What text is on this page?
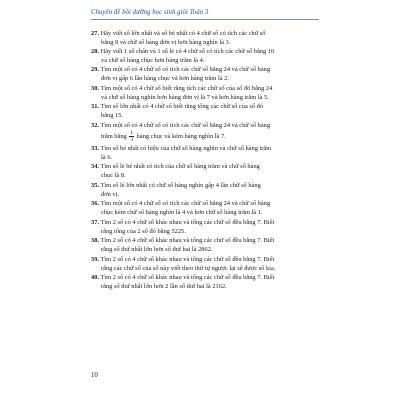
Chuyên đề bồi dưỡng học sinh giỏi Toán 3
27. Hãy viết số lớn nhất và số bé nhất có 4 chữ số có tích các chữ số
bằng 8 và chữ số hàng đơn vị hơn hàng nghìn là 3.
28. Hãy viết 1 số chẵn và 1 số lẻ có 4 chữ số có tích các chữ số bằng 10
và chữ số hàng chục hơn hàng trăm là 4.
29. Tìm một số có 4 chữ số có tích các chữ số bằng 24 và chữ số hàng
đơn vị gấp 6 lần hàng chục và hơn hàng trăm là 2.
30. Tìm một số có 4 chữ số biết rằng tích các chữ số của số đó bằng 24
và chữ số hàng nghìn hơn hàng đơn vị là 7 và hơn hàng trăm là 5.
31. Tìm số lớn nhất có 4 chữ số biết rằng tổng các chữ số của số đó
bằng 15.
32. Tìm một số có 4 chữ số có tích các chữ số bằng 24 và chữ số hàng
trăm bằng $\frac{1}{3}$ hàng chục và kém hàng nghìn là 7.
33. Tìm số bé nhất có hiệu của chữ số hàng nghìn và chữ số hàng trăm
là 6.
34. Tìm số lẻ bé nhất có tích của chữ số hàng trăm và chữ số hàng
chục là 8.
35. Tìm số lẻ lớn nhất có chữ số hàng nghìn gấp 4 lần chữ số hàng
đơn vị.
36. Tìm một số có 4 chữ số có tích các chữ số bằng 24 và chữ số hàng
chục kém chữ số hàng nghìn là 4 và hơn chữ số hàng trăm là 1.
37. Tìm 2 số có 4 chữ số khác nhau và tổng các chữ số đều bằng 7. Biết
rằng tổng của 2 số đó bằng 5225.
38. Tìm 2 số có 4 chữ số khác nhau và tổng các chữ số đều bằng 7. Biết
rằng số thứ nhất lớn hơn số thứ hai là 2862.
39. Tìm 2 số có 4 chữ số khác nhau và tổng các chữ số đều bằng 7. Biết
rằng các chữ số của số này viết theo thứ tự ngược lại sẽ được số kia.
40. Tìm 2 số có 4 chữ số khác nhau và tổng các chữ số đều bằng 7. Biết
rằng số thứ nhất lớn hơn 2 lần số thứ hai là 2162.
10
